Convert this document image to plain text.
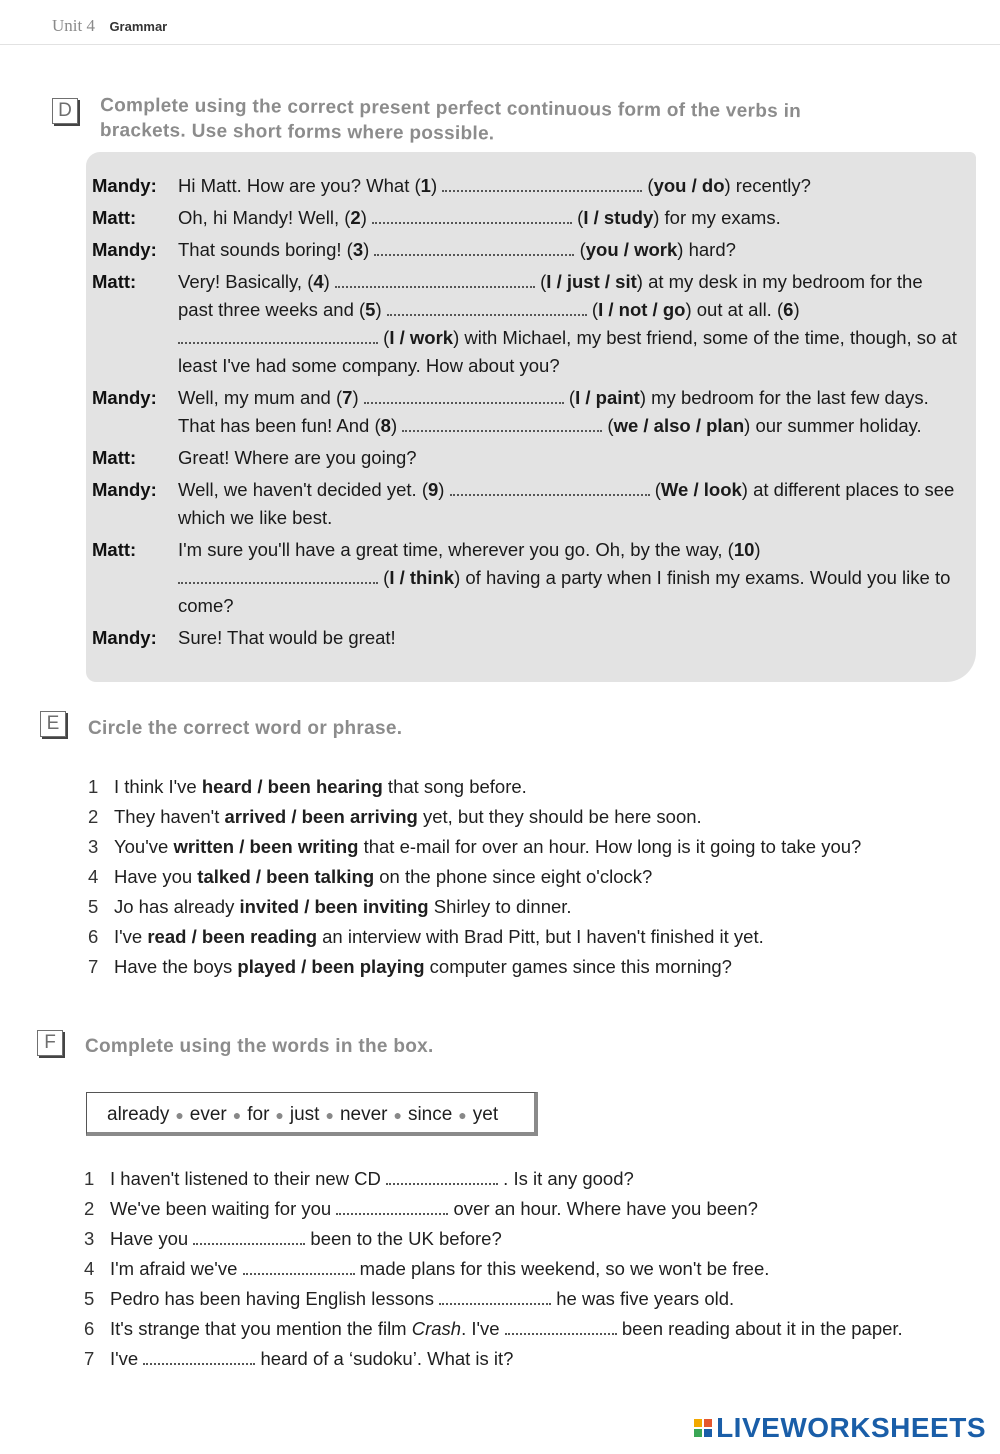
Unit 4 Grammar
D	Complete using the correct present perfect continuous form of the verbs in
brackets. Use short forms where possible.
Mandy:	Hi Matt. How are you? What (1)	(you / do) recently?
Matt:	Oh, hi Mandy! Well, (2)	(I / study) for my exams.
Mandy:	That sounds boring! (3)	(you / work) hard?
Matt:	Very! Basically, (4)	(I / just / sit) at my desk in my bedroom for the past three weeks and (5)	(I / not / go) out at all. (6)  (I / work) with Michael, my best friend, some of the time, though, so at least I've had some company. How about you?
Mandy:	Well, my mum and (7)	(I / paint) my bedroom for the last few days. That has been fun! And (8)	(we / also / plan) our summer holiday.
Matt:	Great! Where are you going?
Mandy:	Well, we haven't decided yet. (9)	(We / look) at different places to see which we like best.
Matt:	I'm sure you'll have a great time, wherever you go. Oh, by the way, (10)  (I / think) of having a party when I finish my exams. Would you like to come?
Mandy:	Sure! That would be great!
E	Circle the correct word or phrase.
1 I think I've heard / been hearing that song before.
2 They haven't arrived / been arriving yet, but they should be here soon.
3 You've written / been writing that e-mail for over an hour. How long is it going to take you?
4 Have you talked / been talking on the phone since eight o'clock?
5 Jo has already invited / been inviting Shirley to dinner.
6 I've read / been reading an interview with Brad Pitt, but I haven't finished it yet.
7 Have the boys played / been playing computer games since this morning?
F	Complete using the words in the box.
already ● ever ● for ● just ● never ● since ● yet
1 I haven't listened to their new CD	. Is it any good?
2 We've been waiting for you	over an hour. Where have you been?
3 Have you	been to the UK before?
4 I'm afraid we've	made plans for this weekend, so we won't be free.
5 Pedro has been having English lessons	he was five years old.
6 It's strange that you mention the film Crash. I've	been reading about it in the paper.
7 I've	heard of a ‘sudoku’. What is it?
LIVEWORKSHEETS
